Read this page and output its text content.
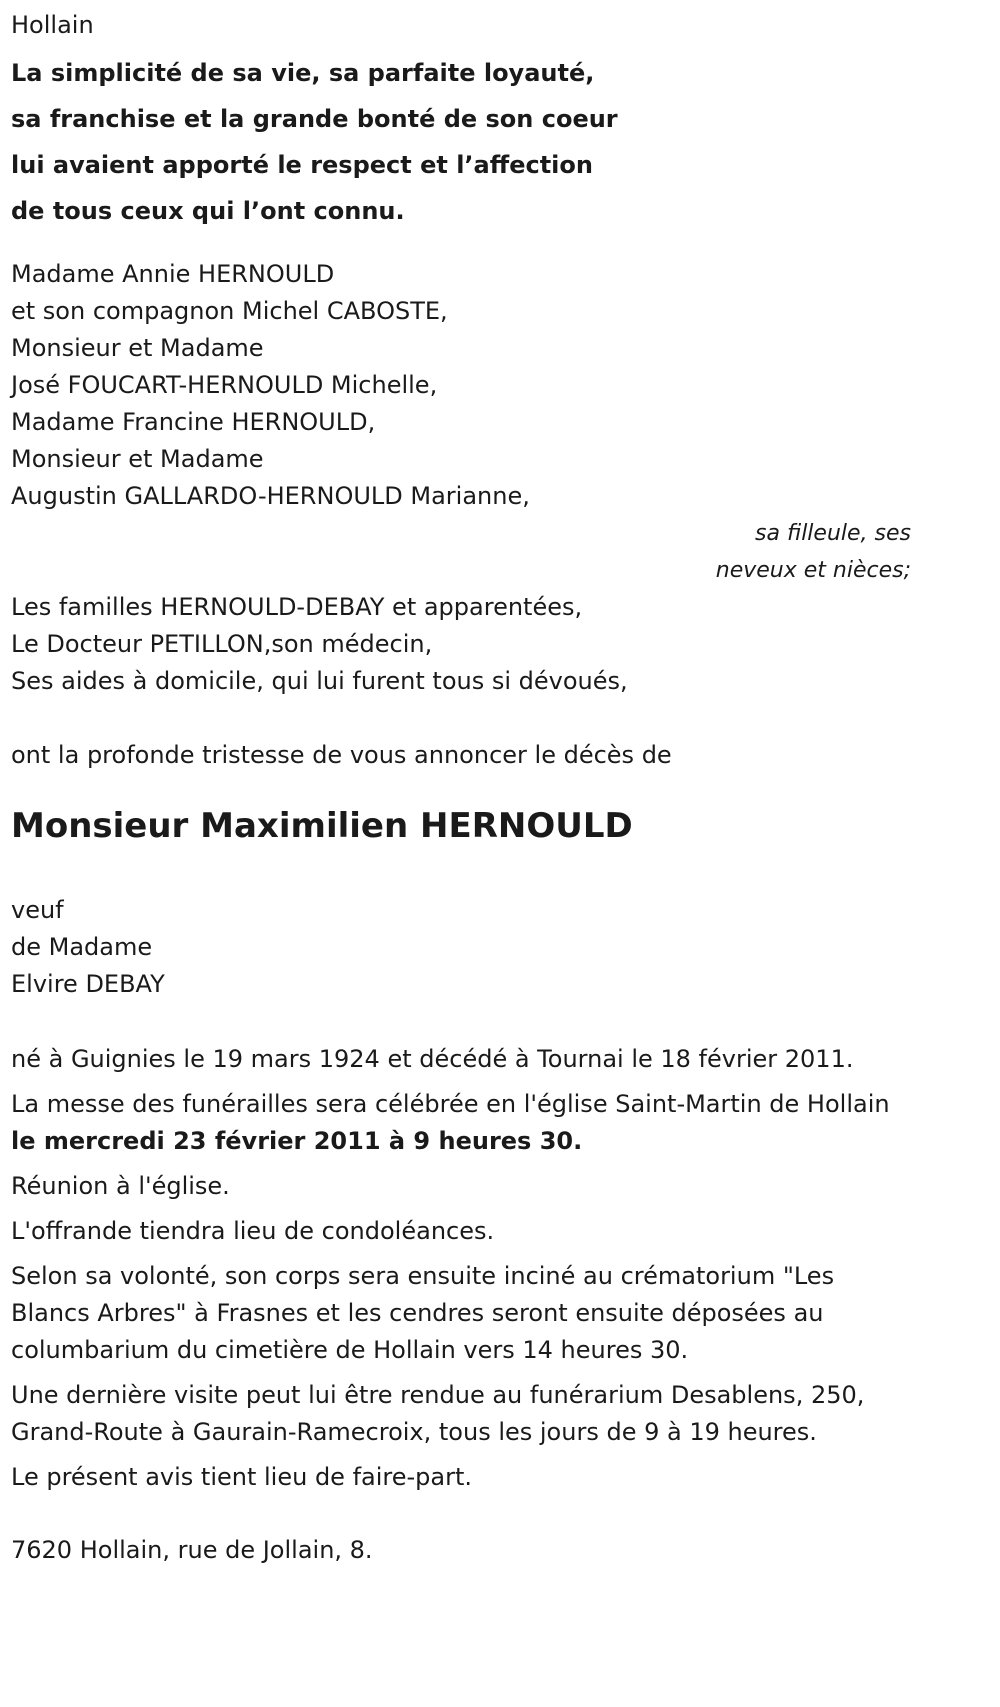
Hollain

La simplicité de sa vie, sa parfaite loyauté,

sa franchise et la grande bonté de son coeur

lui avaient apporté le respect et l’affection

de tous ceux qui l’ont connu.

Madame Annie HERNOULD

et son compagnon Michel CABOSTE,

Monsieur et Madame

José FOUCART-HERNOULD Michelle,

Madame Francine HERNOULD,

Monsieur et Madame

Augustin GALLARDO-HERNOULD Marianne,

sa filleule, ses

neveux et nièces;

Les familles HERNOULD-DEBAY et apparentées,

Le Docteur PETILLON,son médecin,

Ses aides à domicile, qui lui furent tous si dévoués,

ont la profonde tristesse de vous annoncer le décès de

Monsieur Maximilien HERNOULD

veuf

de Madame

Elvire DEBAY

né à Guignies le 19 mars 1924 et décédé à Tournai le 18 février 2011.

La messe des funérailles sera célébrée en l'église Saint-Martin de Hollain
le mercredi 23 février 2011 à 9 heures 30.

Réunion à l'église.

L'offrande tiendra lieu de condoléances.

Selon sa volonté, son corps sera ensuite inciné au crématorium "Les Blancs Arbres" à Frasnes et les cendres seront ensuite déposées au columbarium du cimetière de Hollain vers 14 heures 30.

Une dernière visite peut lui être rendue au funérarium Desablens, 250, Grand-Route à Gaurain-Ramecroix, tous les jours de 9 à 19 heures.

Le présent avis tient lieu de faire-part.

7620 Hollain, rue de Jollain, 8.
